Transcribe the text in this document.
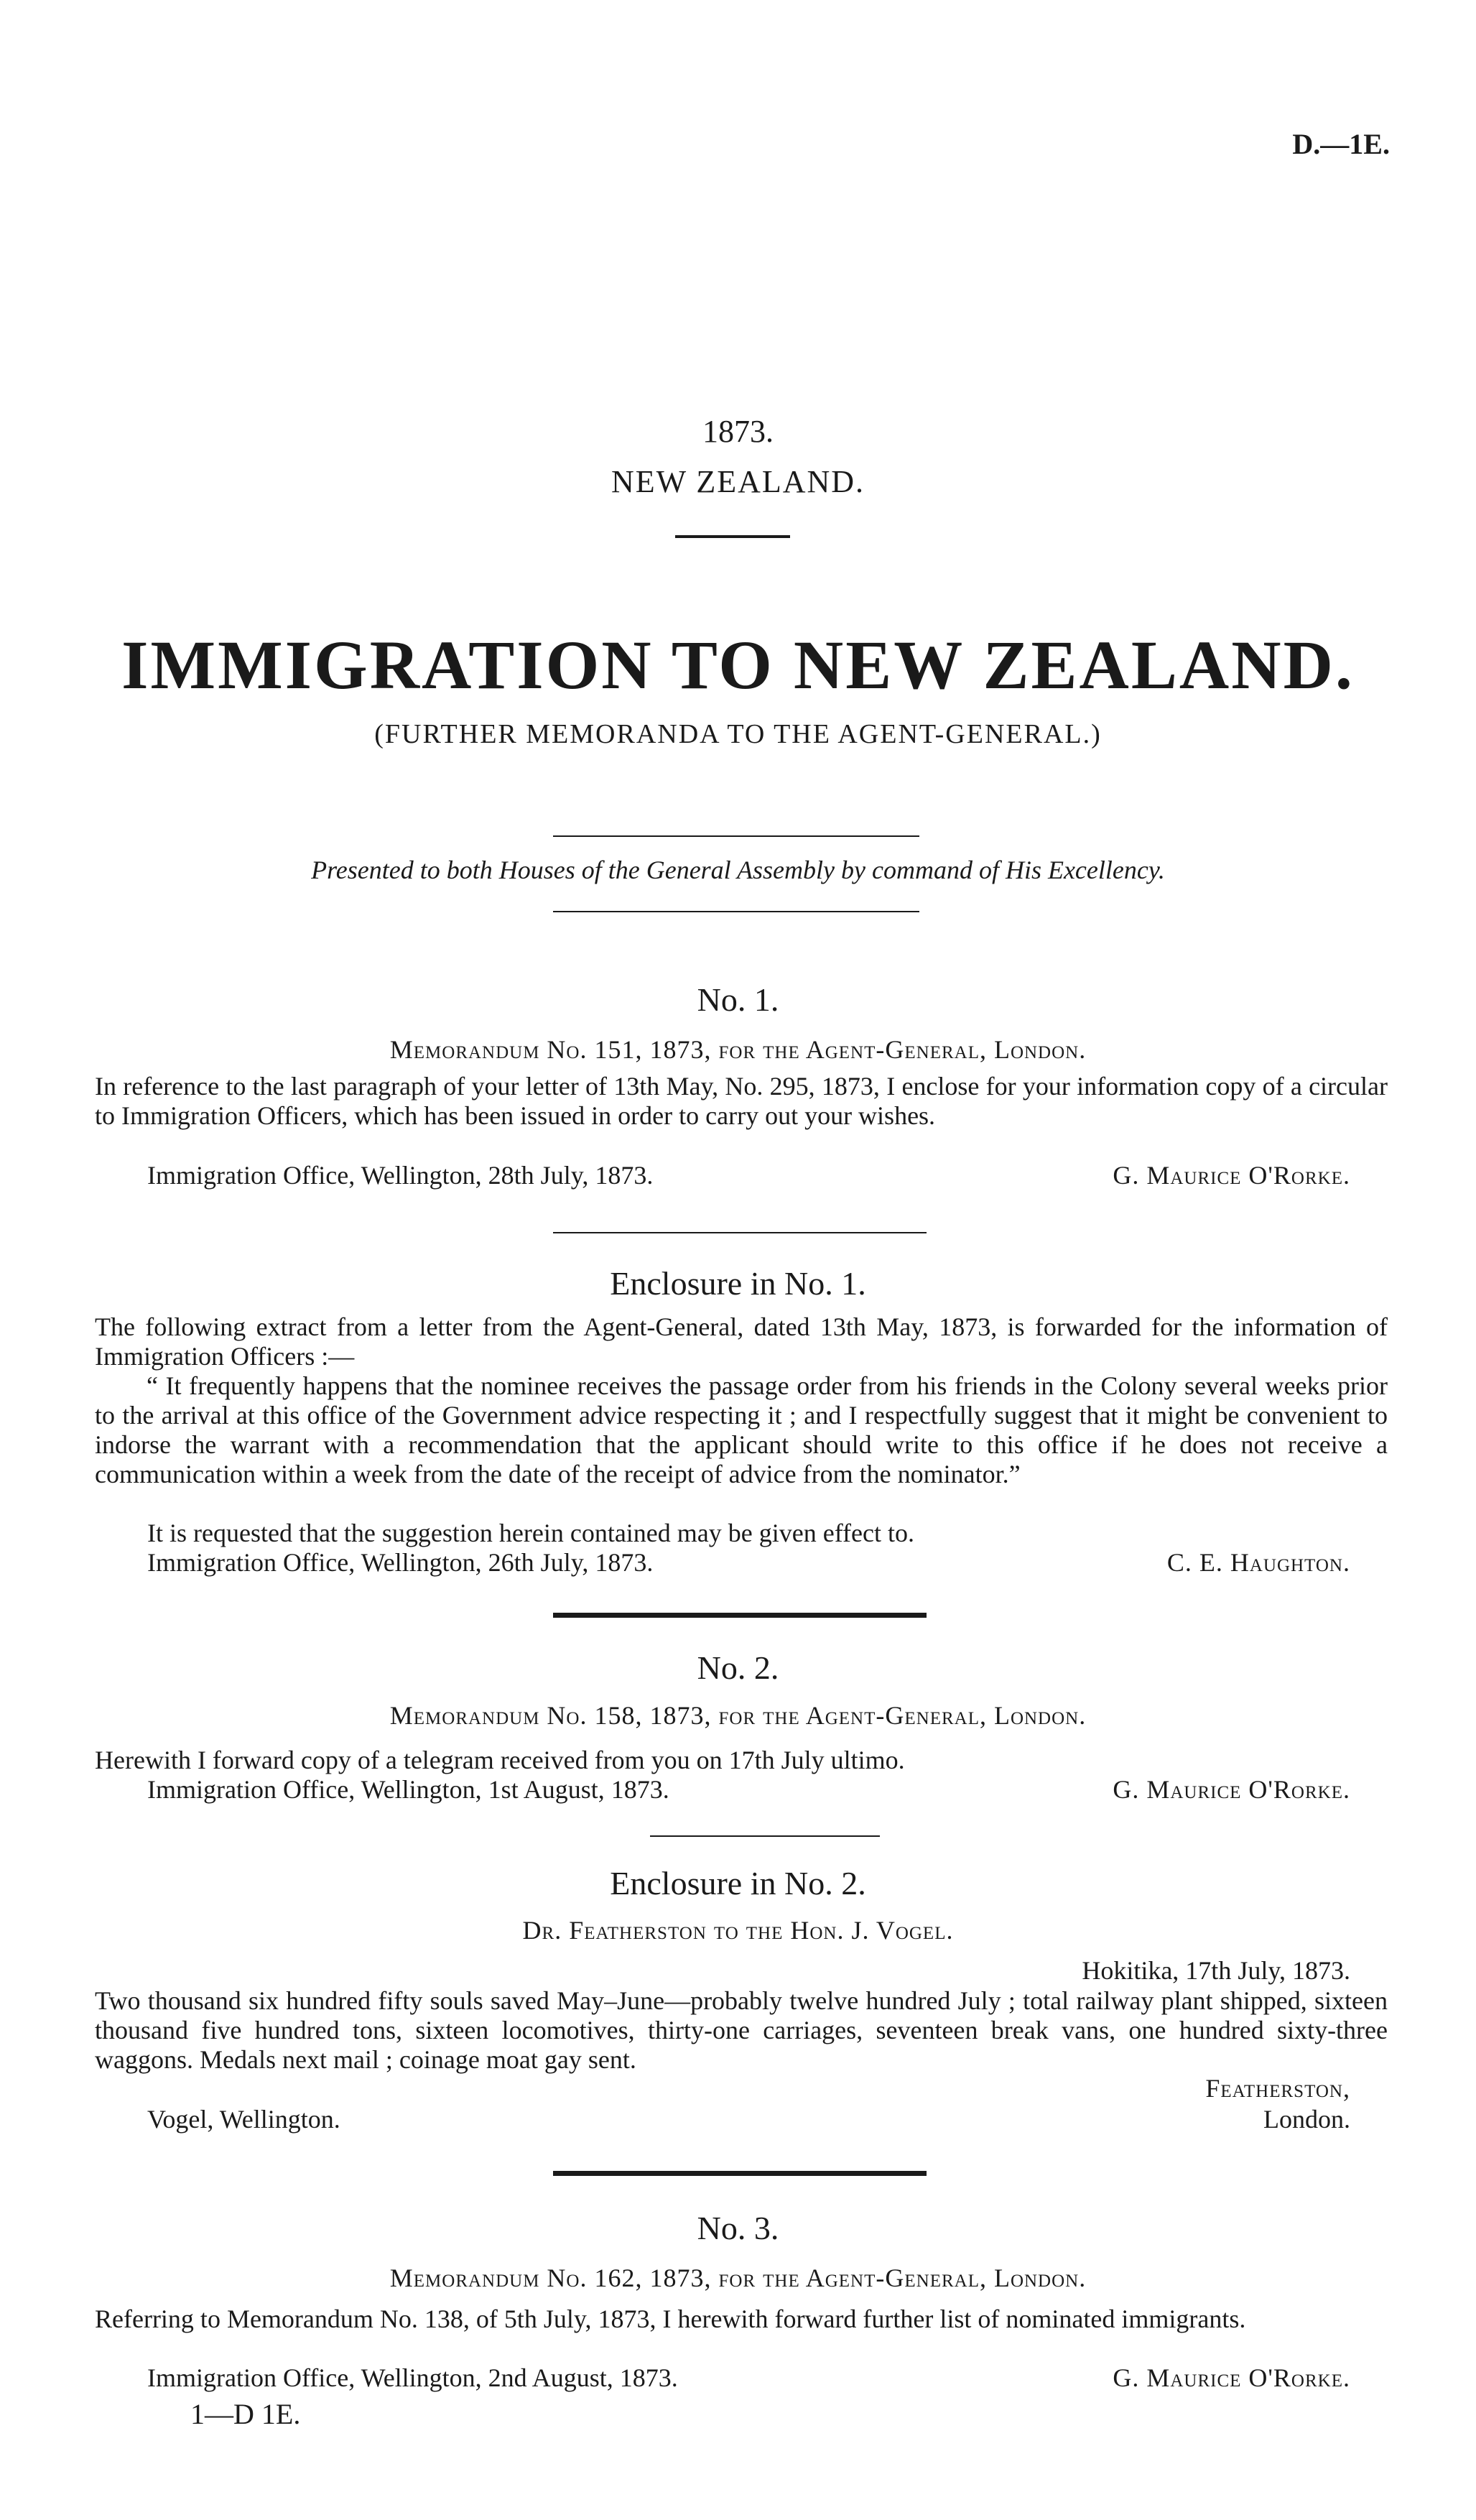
D.—1E.
1873.
NEW ZEALAND.
IMMIGRATION TO NEW ZEALAND.
(FURTHER MEMORANDA TO THE AGENT-GENERAL.)
Presented to both Houses of the General Assembly by command of His Excellency.
No. 1.
Memorandum No. 151, 1873, for the Agent-General, London.
In reference to the last paragraph of your letter of 13th May, No. 295, 1873, I enclose for your information copy of a circular to Immigration Officers, which has been issued in order to carry out your wishes.
Immigration Office, Wellington, 28th July, 1873.	G. Maurice O'Rorke.
Enclosure in No. 1.
The following extract from a letter from the Agent-General, dated 13th May, 1873, is forwarded for the information of Immigration Officers :—
“ It frequently happens that the nominee receives the passage order from his friends in the Colony several weeks prior to the arrival at this office of the Government advice respecting it ; and I respectfully suggest that it might be convenient to indorse the warrant with a recommendation that the applicant should write to this office if he does not receive a communication within a week from the date of the receipt of advice from the nominator.”
It is requested that the suggestion herein contained may be given effect to.
Immigration Office, Wellington, 26th July, 1873.	C. E. Haughton.
No. 2.
Memorandum No. 158, 1873, for the Agent-General, London.
Herewith I forward copy of a telegram received from you on 17th July ultimo.
Immigration Office, Wellington, 1st August, 1873.	G. Maurice O'Rorke.
Enclosure in No. 2.
Dr. Featherston to the Hon. J. Vogel.
Hokitika, 17th July, 1873.
Two thousand six hundred fifty souls saved May–June—probably twelve hundred July ; total railway plant shipped, sixteen thousand five hundred tons, sixteen locomotives, thirty-one carriages, seventeen break vans, one hundred sixty-three waggons. Medals next mail ; coinage moat gay sent.
Featherston,
Vogel, Wellington.	London.
No. 3.
Memorandum No. 162, 1873, for the Agent-General, London.
Referring to Memorandum No. 138, of 5th July, 1873, I herewith forward further list of nominated immigrants.
Immigration Office, Wellington, 2nd August, 1873.	G. Maurice O'Rorke.
1—D 1E.
